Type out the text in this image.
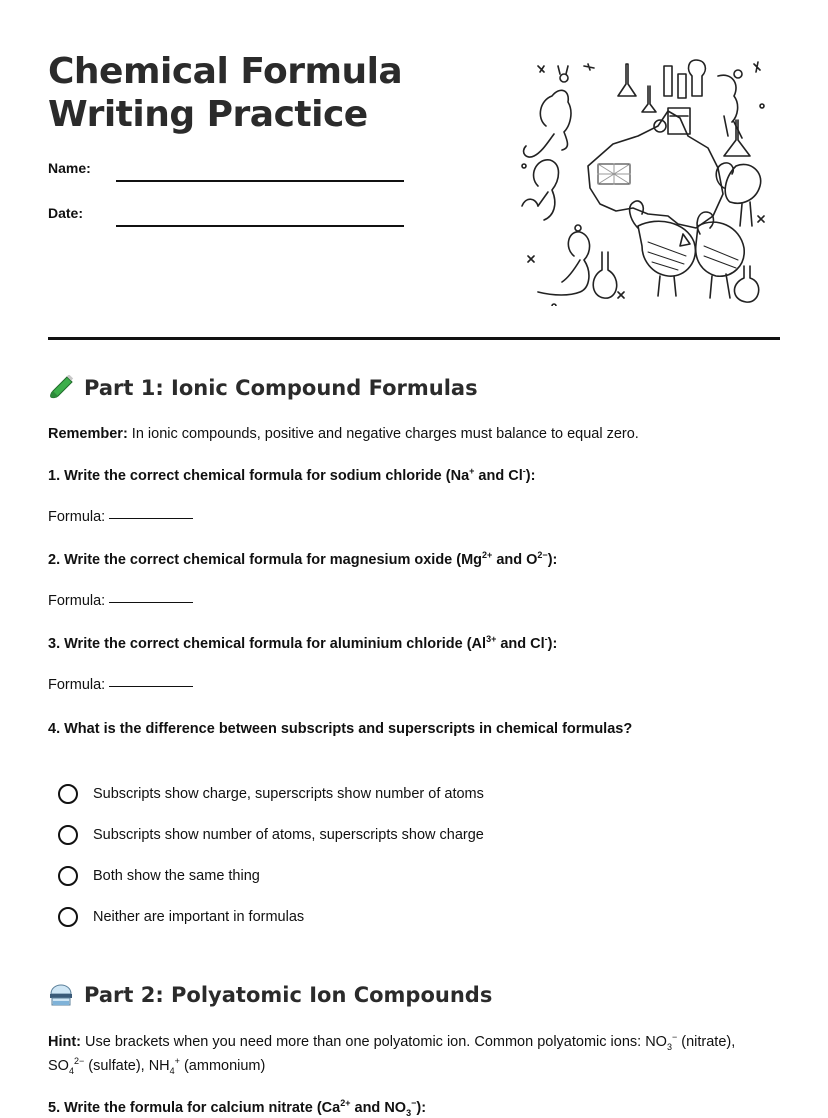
Chemical Formula
Writing Practice
Name:
Date:
Part 1: Ionic Compound Formulas

Remember: In ionic compounds, positive and negative charges must balance to equal zero.

1. Write the correct chemical formula for sodium chloride (Na+ and Cl-):

Formula:

2. Write the correct chemical formula for magnesium oxide ($Mg^{2+}$ and $O^{2-}$):

Formula:

3. Write the correct chemical formula for aluminium chloride ($Al^{3+}$ and Cl-):

Formula:

4. What is the difference between subscripts and superscripts in chemical formulas?

Subscripts show charge, superscripts show number of atoms
Subscripts show number of atoms, superscripts show charge
Both show the same thing
Neither are important in formulas
Part 2: Polyatomic Ion Compounds

Hint: Use brackets when you need more than one polyatomic ion. Common polyatomic ions: $NO_3^-$ (nitrate),
$SO_4^{2-}$ (sulfate), $NH_4^+$ (ammonium)

5. Write the formula for calcium nitrate ($Ca^{2+}$ and $NO_3^-$):
